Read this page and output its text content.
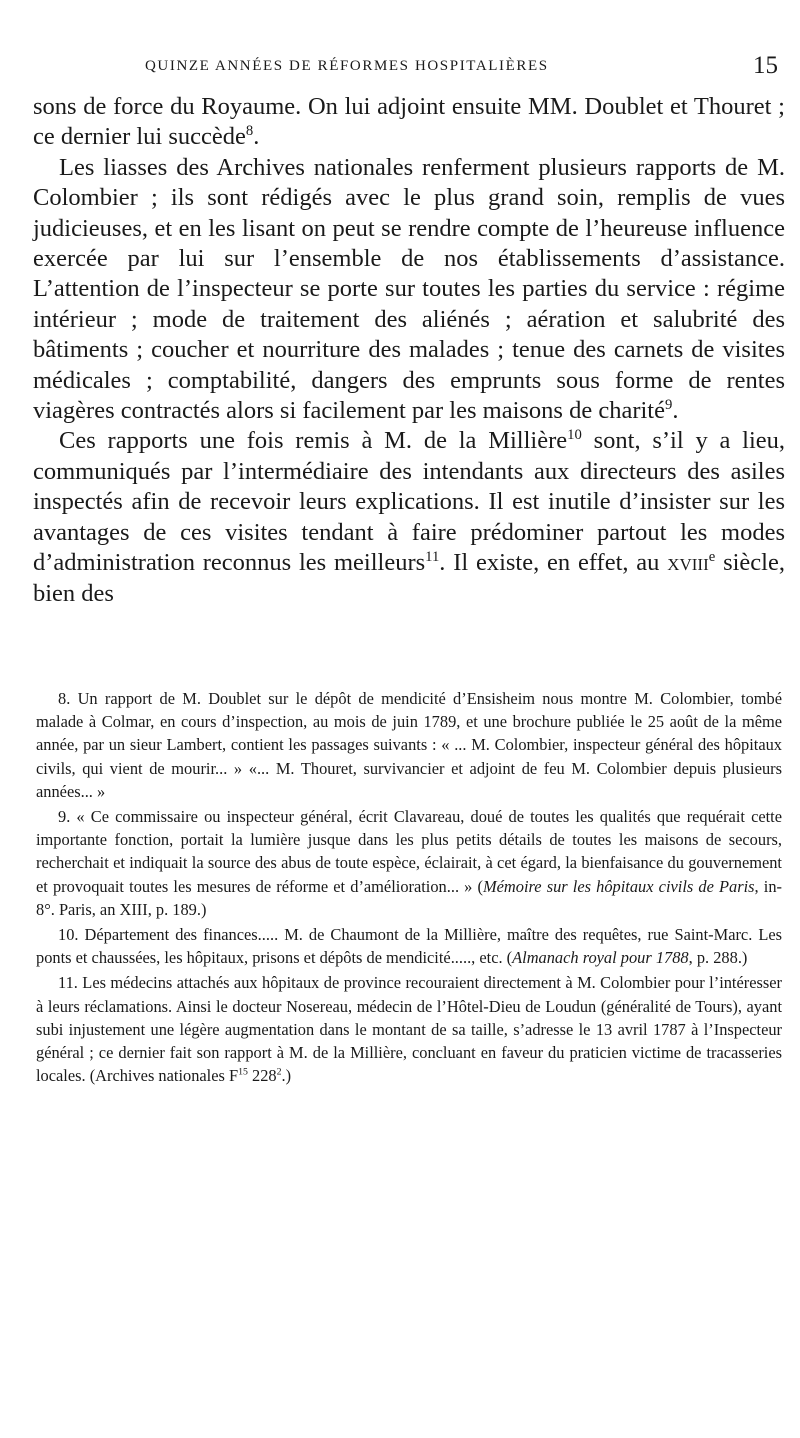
QUINZE ANNÉES DE RÉFORMES HOSPITALIÈRES	15

sons de force du Royaume. On lui adjoint ensuite MM. Doublet et Thouret ; ce dernier lui succède$^8$.

Les liasses des Archives nationales renferment plusieurs rapports de M. Colombier ; ils sont rédigés avec le plus grand soin, remplis de vues judicieuses, et en les lisant on peut se rendre compte de l’heureuse influence exercée par lui sur l’ensemble de nos établissements d’assistance. L’attention de l’inspecteur se porte sur toutes les parties du service : régime intérieur ; mode de traitement des aliénés ; aération et salubrité des bâtiments ; coucher et nourriture des malades ; tenue des carnets de visites médicales ; comptabilité, dangers des emprunts sous forme de rentes viagères contractés alors si facilement par les maisons de charité$^9$.

Ces rapports une fois remis à M. de la Millière$^{10}$ sont, s’il y a lieu, communiqués par l’intermédiaire des intendants aux directeurs des asiles inspectés afin de recevoir leurs explications. Il est inutile d’insister sur les avantages de ces visites tendant à faire prédominer partout les modes d’administration reconnus les meilleurs$^{11}$. Il existe, en effet, au xviii$^e$ siècle, bien des

8. Un rapport de M. Doublet sur le dépôt de mendicité d’Ensisheim nous montre M. Colombier, tombé malade à Colmar, en cours d’inspection, au mois de juin 1789, et une brochure publiée le 25 août de la même année, par un sieur Lambert, contient les passages suivants : « ... M. Colombier, inspecteur général des hôpitaux civils, qui vient de mourir... » «... M. Thouret, survivancier et adjoint de feu M. Colombier depuis plusieurs années... »

9. « Ce commissaire ou inspecteur général, écrit Clavareau, doué de toutes les qualités que requérait cette importante fonction, portait la lumière jusque dans les plus petits détails de toutes les maisons de secours, recherchait et indiquait la source des abus de toute espèce, éclairait, à cet égard, la bienfaisance du gouvernement et provoquait toutes les mesures de réforme et d’amélioration... » (Mémoire sur les hôpitaux civils de Paris, in-8°. Paris, an XIII, p. 189.)

10. Département des finances..... M. de Chaumont de la Millière, maître des requêtes, rue Saint-Marc. Les ponts et chaussées, les hôpitaux, prisons et dépôts de mendicité....., etc. (Almanach royal pour 1788, p. 288.)

11. Les médecins attachés aux hôpitaux de province recouraient directement à M. Colombier pour l’intéresser à leurs réclamations. Ainsi le docteur Nosereau, médecin de l’Hôtel-Dieu de Loudun (généralité de Tours), ayant subi injustement une légère augmentation dans le montant de sa taille, s’adresse le 13 avril 1787 à l’Inspecteur général ; ce dernier fait son rapport à M. de la Millière, concluant en faveur du praticien victime de tracasseries locales. (Archives nationales $F^{15}$ $228^2$.)
